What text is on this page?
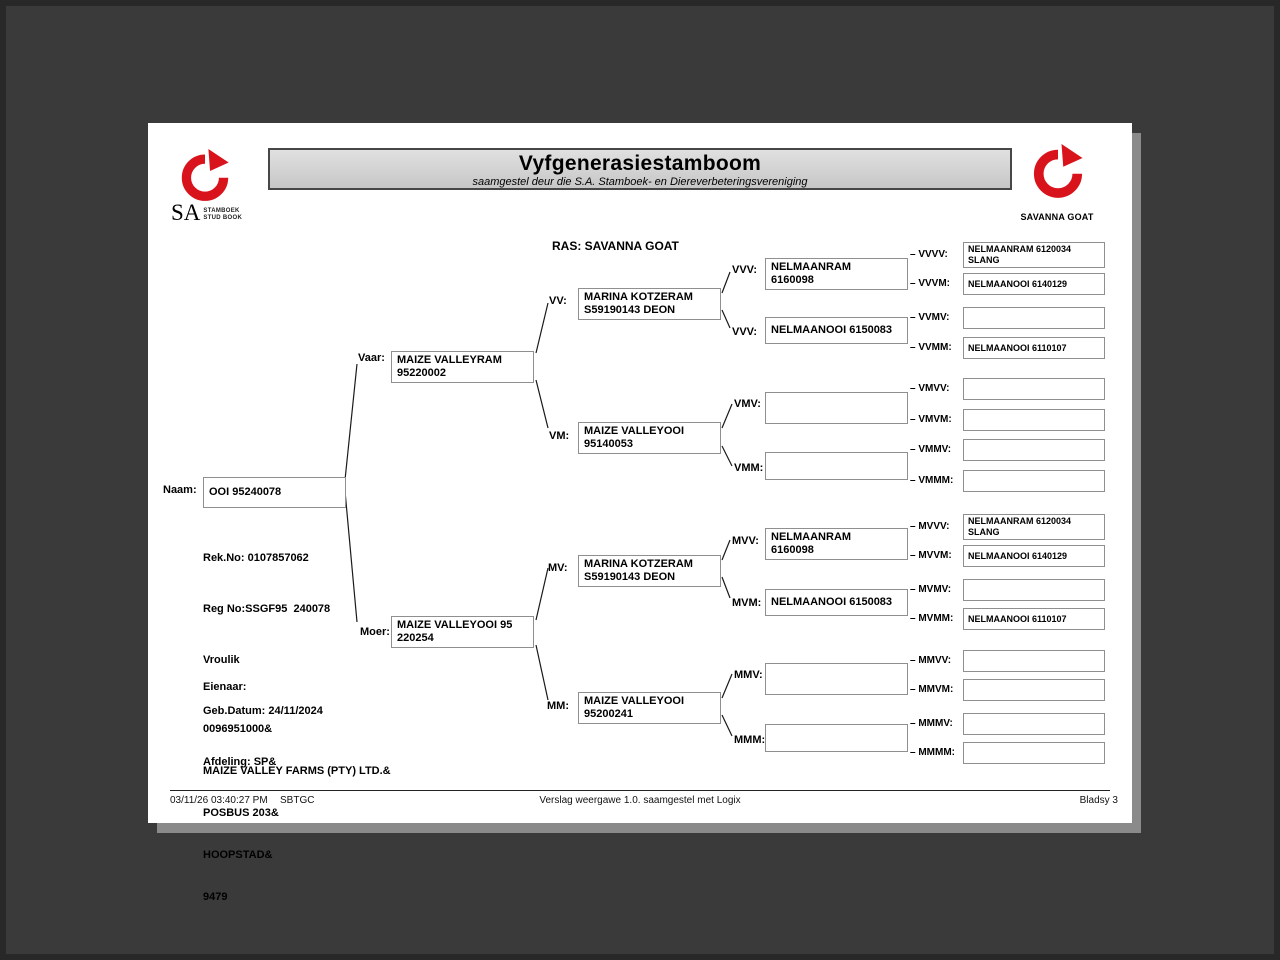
SA STAMBOEK
STUD BOOK
Vyfgenerasiestamboom
saamgestel deur die S.A. Stamboek- en Diereverbeteringsvereniging
SAVANNA GOAT
RAS: SAVANNA GOAT
Naam: OOI 95240078

Rek.No: 0107857062

Reg No:SSGF95  240078

Vroulik

Geb.Datum: 24/11/2024

Afdeling: SP&

Eienaar:

0096951000&

MAIZE VALLEY FARMS (PTY) LTD.&

POSBUS 203&

HOOPSTAD&

9479

Vaar: MAIZE VALLEYRAM
95220002
Moer:
MAIZE VALLEYOOI 95
220254
VV: MARINA KOTZERAM
S59190143 DEON
VM: MAIZE VALLEYOOI
95140053
MV: MARINA KOTZERAM
S59190143 DEON
MM: MAIZE VALLEYOOI
95200241
VVV: NELMAANRAM
6160098
VVV: NELMAANOOI 6150083
VMV:
VMM:
MVV: NELMAANRAM
6160098
MVM: NELMAANOOI 6150083
MMV:
MMM:
– VVVV: NELMAANRAM 6120034
SLANG
– VVVM: NELMAANOOI 6140129
– VVMV:
– VVMM: NELMAANOOI 6110107
– VMVV:
– VMVM:
– VMMV:
– VMMM:
– MVVV: NELMAANRAM 6120034
SLANG
– MVVM: NELMAANOOI 6140129
– MVMV:
– MVMM: NELMAANOOI 6110107
– MMVV:
– MMVM:
– MMMV:
– MMMM:
Verslag weergawe 1.0. saamgestel met Logix
03/11/26 03:40:27 PM SBTGC	Bladsy 3
